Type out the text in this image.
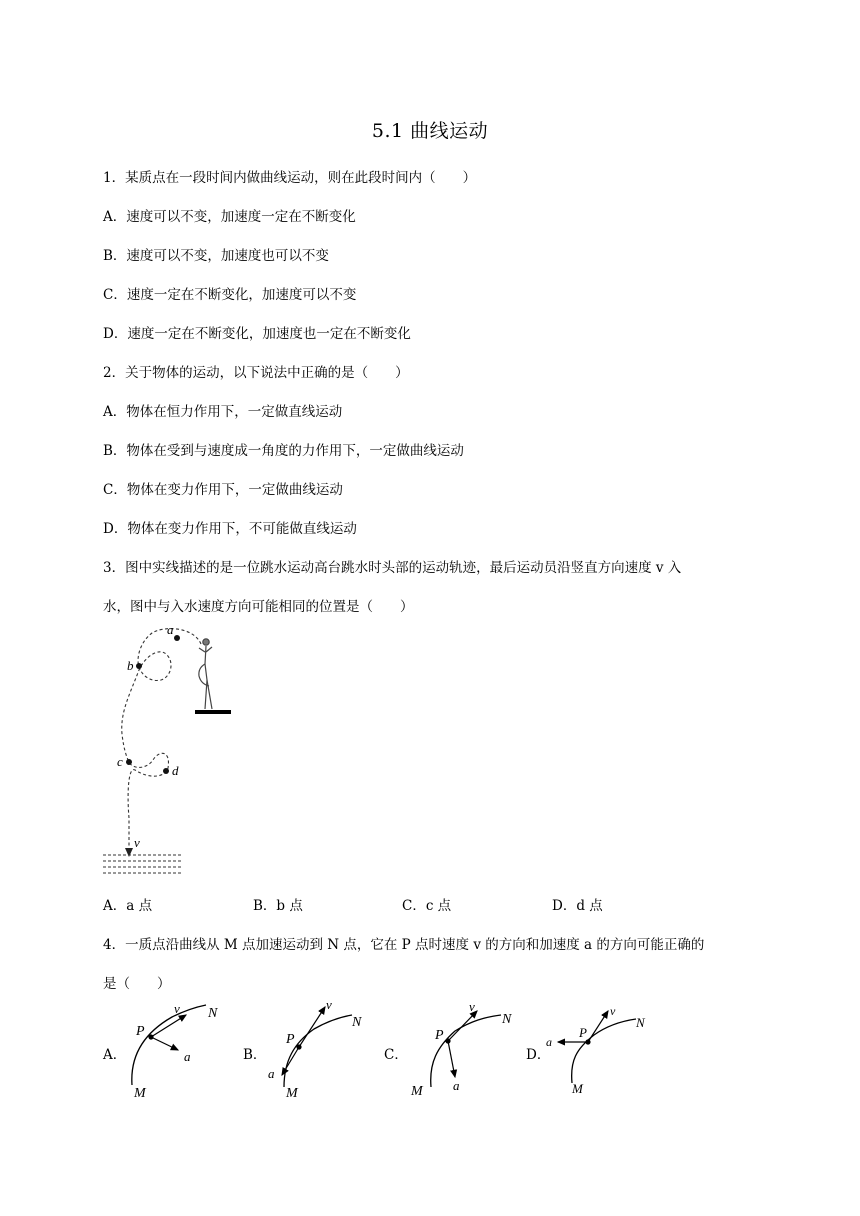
5.1 曲线运动
1．某质点在一段时间内做曲线运动，则在此段时间内（　　）
A．速度可以不变，加速度一定在不断变化
B．速度可以不变，加速度也可以不变
C．速度一定在不断变化，加速度可以不变
D．速度一定在不断变化，加速度也一定在不断变化
2．关于物体的运动，以下说法中正确的是（　　）
A．物体在恒力作用下，一定做直线运动
B．物体在受到与速度成一角度的力作用下，一定做曲线运动
C．物体在变力作用下，一定做曲线运动
D．物体在变力作用下，不可能做直线运动
3．图中实线描述的是一位跳水运动高台跳水时头部的运动轨迹，最后运动员沿竖直方向速度 v 入
水，图中与入水速度方向可能相同的位置是（　　）
a
b
c
d
v
A．a 点	B．b 点	C．c 点	D．d 点
4．一质点沿曲线从 M 点加速运动到 N 点，它在 P 点时速度 v 的方向和加速度 a 的方向可能正确的
是（　　）
A．	B．	C．	D．
P
v N
a
M
P
v
N
a
M
P
v
N
a
M
P
v
N
a
M
